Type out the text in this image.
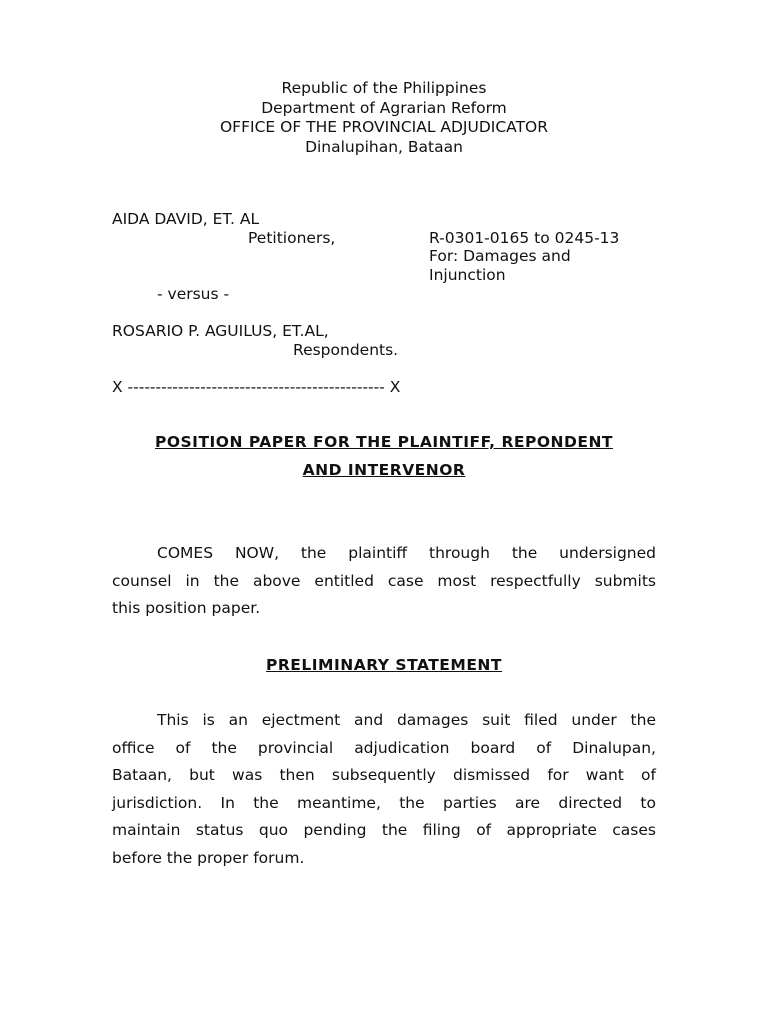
Republic of the Philippines
Department of Agrarian Reform
OFFICE OF THE PROVINCIAL ADJUDICATOR
Dinalupihan, Bataan
AIDA DAVID, ET. AL
Petitioners,	R-0301-0165 to 0245-13
For: Damages and
Injunction
- versus -
ROSARIO P. AGUILUS, ET.AL,
Respondents.
X ---------------------------------------------- X
POSITION PAPER FOR THE PLAINTIFF, REPONDENT
AND INTERVENOR
COMES NOW, the plaintiff through the undersigned
counsel in the above entitled case most respectfully submits
this position paper.
PRELIMINARY STATEMENT
This is an ejectment and damages suit filed under the
office of the provincial adjudication board of Dinalupan,
Bataan, but was then subsequently dismissed for want of
jurisdiction. In the meantime, the parties are directed to
maintain status quo pending the filing of appropriate cases
before the proper forum.
